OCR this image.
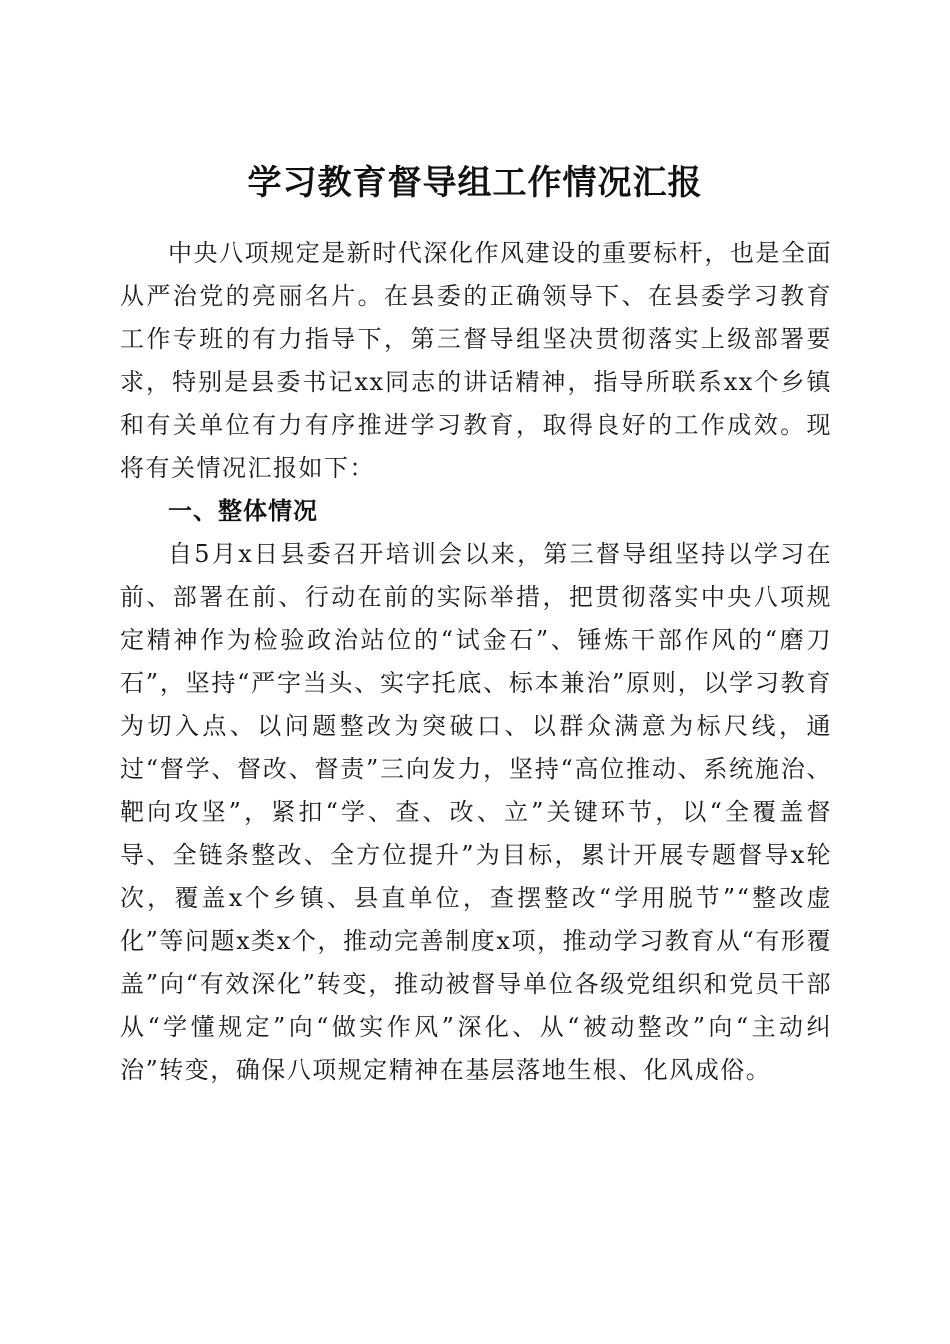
学习教育督导组工作情况汇报

中央八项规定是新时代深化作风建设的重要标杆，也是全面从严治党的亮丽名片。在县委的正确领导下、在县委学习教育工作专班的有力指导下，第三督导组坚决贯彻落实上级部署要求，特别是县委书记xx同志的讲话精神，指导所联系xx个乡镇和有关单位有力有序推进学习教育，取得良好的工作成效。现将有关情况汇报如下：

一、整体情况

自5月x日县委召开培训会以来，第三督导组坚持以学习在前、部署在前、行动在前的实际举措，把贯彻落实中央八项规定精神作为检验政治站位的“试金石”、锤炼干部作风的“磨刀石”，坚持“严字当头、实字托底、标本兼治”原则，以学习教育为切入点、以问题整改为突破口、以群众满意为标尺线，通过“督学、督改、督责”三向发力，坚持“高位推动、系统施治、靶向攻坚”，紧扣“学、查、改、立”关键环节，以“全覆盖督导、全链条整改、全方位提升”为目标，累计开展专题督导x轮次，覆盖x个乡镇、县直单位，查摆整改“学用脱节”“整改虚化”等问题x类x个，推动完善制度x项，推动学习教育从“有形覆盖”向“有效深化”转变，推动被督导单位各级党组织和党员干部从“学懂规定”向“做实作风”深化、从“被动整改”向“主动纠治”转变，确保八项规定精神在基层落地生根、化风成俗。
